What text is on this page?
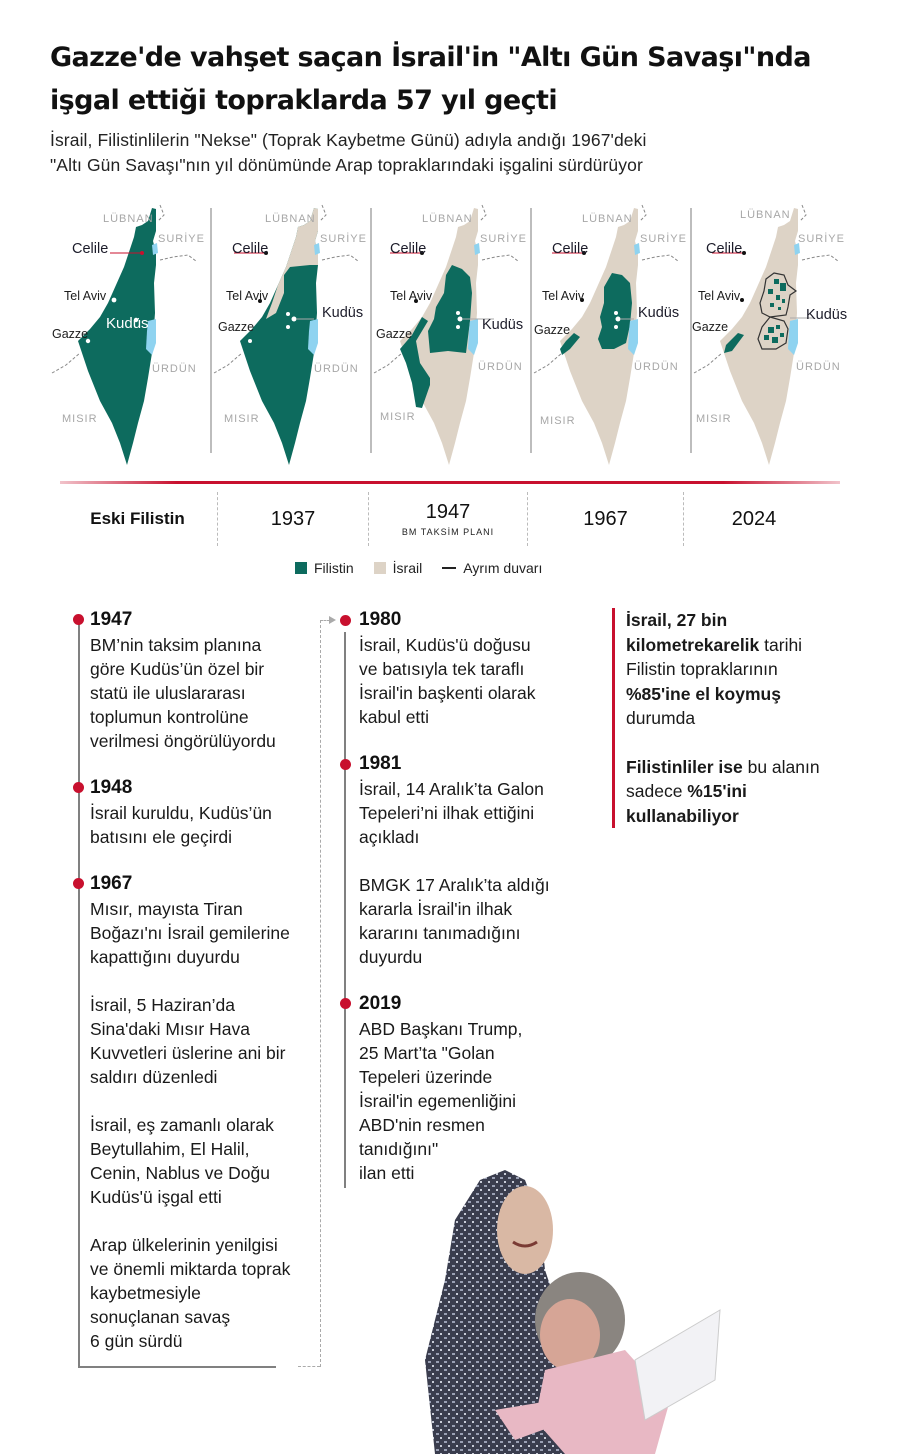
Gazze'de vahşet saçan İsrail'in "Altı Gün Savaşı"nda
işgal ettiği topraklarda 57 yıl geçti
İsrail, Filistinlilerin "Nekse" (Toprak Kaybetme Günü) adıyla andığı 1967'deki
"Altı Gün Savaşı"nın yıl dönümünde Arap topraklarındaki işgalini sürdürüyor
LÜBNAN
SURİYE
Celile
Tel Aviv
Kudüs
Gazze
ÜRDÜN
MISIR
LÜBNAN
SURİYE
Celile
Tel Aviv
Kudüs
Gazze
ÜRDÜN
MISIR
LÜBNAN
SURİYE
Celile
Tel Aviv
Kudüs
Gazze
ÜRDÜN
MISIR
LÜBNAN
SURİYE
Celile
Tel Aviv
Kudüs
Gazze
ÜRDÜN
MISIR
LÜBNAN
SURİYE
Celile
Tel Aviv
Kudüs
Gazze
ÜRDÜN
MISIR
Eski Filistin	1937	1947
BM TAKSİM PLANI
1967	2024
Filistin	İsrail	Ayrım duvarı
1947
BM’nin taksim planına
göre Kudüs’ün özel bir
statü ile uluslararası
toplumun kontrolüne
verilmesi öngörülüyordu
1948
İsrail kuruldu, Kudüs’ün
batısını ele geçirdi
1967
Mısır, mayısta Tiran
Boğazı'nı İsrail gemilerine
kapattığını duyurdu
İsrail, 5 Haziran’da
Sina'daki Mısır Hava
Kuvvetleri üslerine ani bir
saldırı düzenledi
İsrail, eş zamanlı olarak
Beytullahim, El Halil,
Cenin, Nablus ve Doğu
Kudüs'ü işgal etti
Arap ülkelerinin yenilgisi
ve önemli miktarda toprak
kaybetmesiyle
sonuçlanan savaş
6 gün sürdü
1980
İsrail, Kudüs'ü doğusu
ve batısıyla tek taraflı
İsrail'in başkenti olarak
kabul etti
1981
İsrail, 14 Aralık’ta Galon
Tepeleri’ni ilhak ettiğini
açıkladı
BMGK 17 Aralık’ta aldığı
kararla İsrail'in ilhak
kararını tanımadığını
duyurdu
2019
ABD Başkanı Trump,
25 Mart’ta "Golan
Tepeleri üzerinde
İsrail'in egemenliğini
ABD'nin resmen
tanıdığını"
ilan etti

İsrail, 27 bin
kilometrekarelik tarihi
Filistin topraklarının
%85'ine el koymuş
durumda

Filistinliler ise bu alanın
sadece %15'ini
kullanabiliyor
